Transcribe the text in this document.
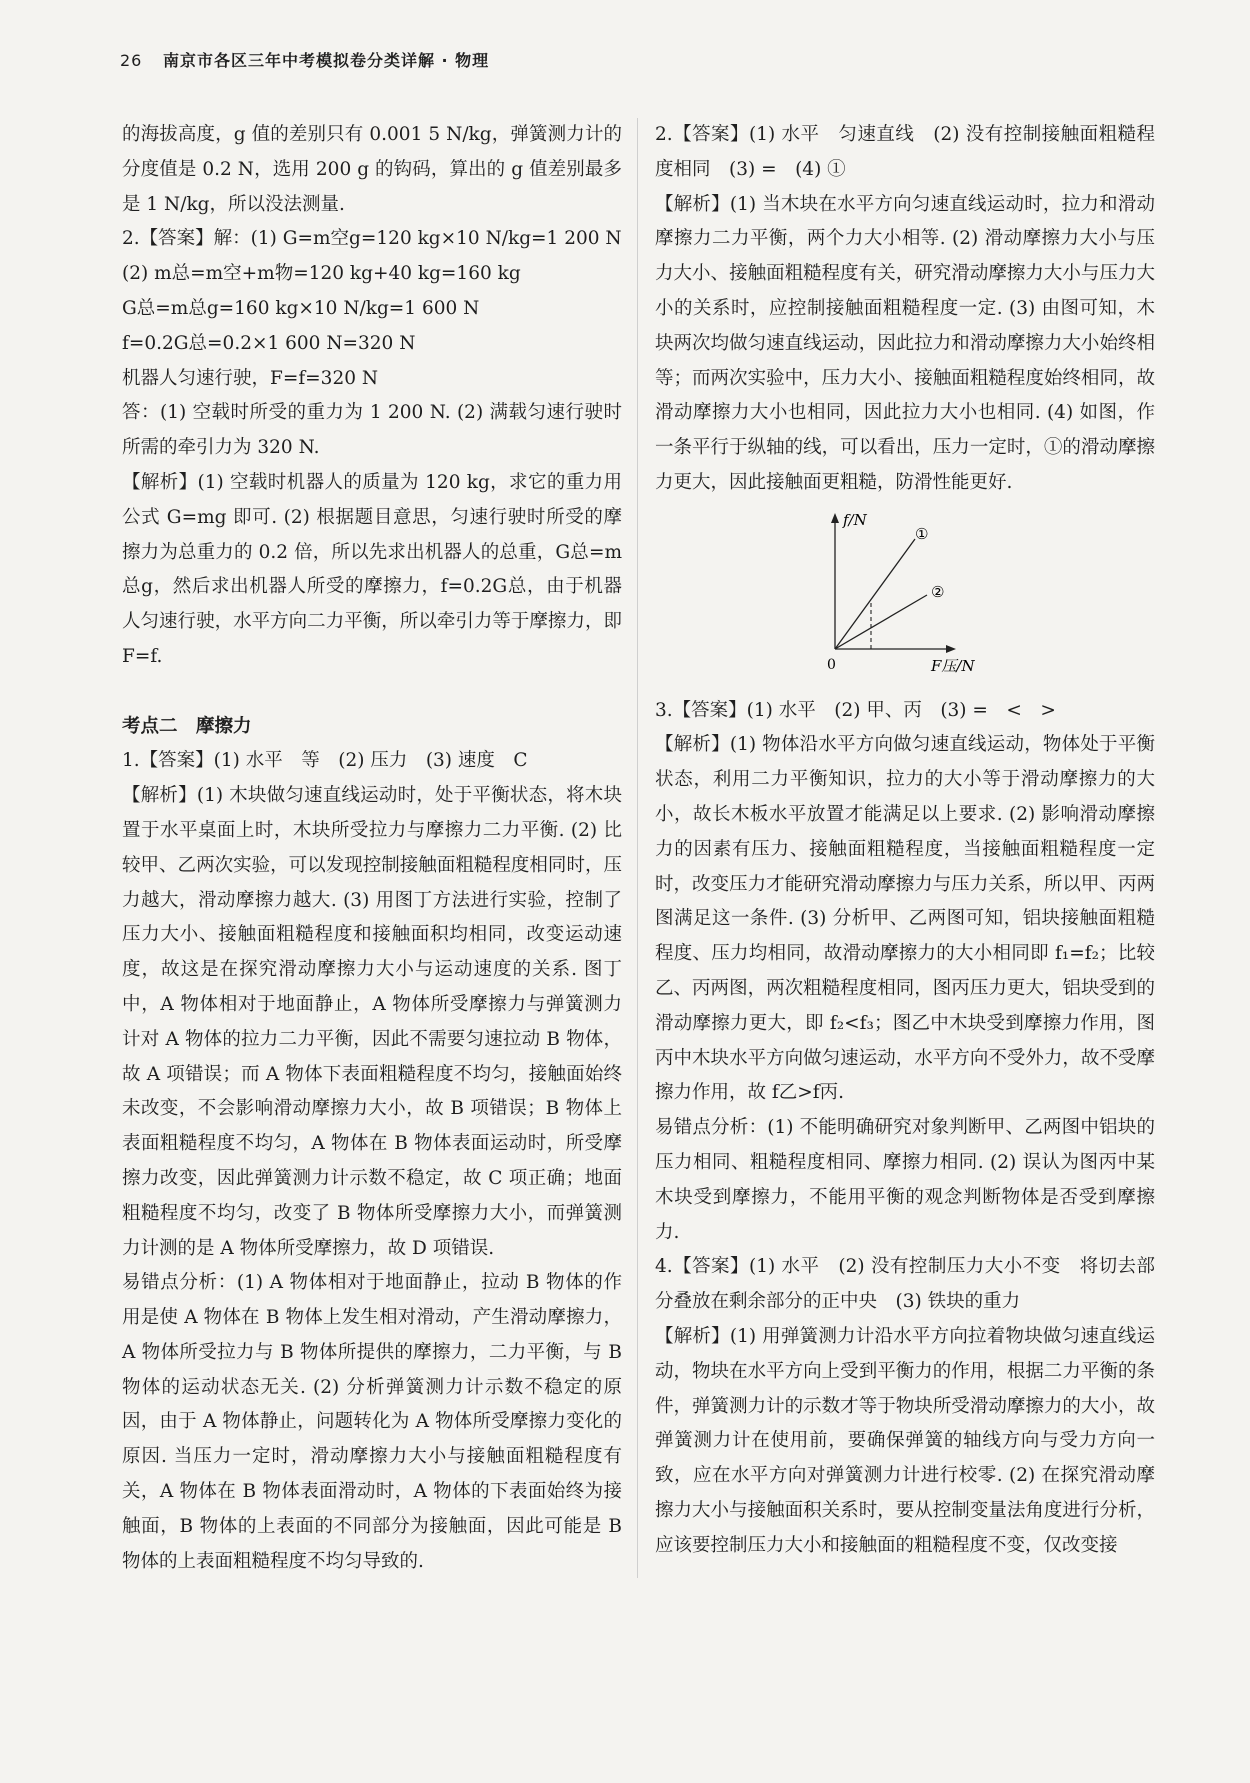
26 南京市各区三年中考模拟卷分类详解 · 物理

的海拔高度，g 值的差别只有 0.001 5 N/kg，弹簧测力计的分度值是 0.2 N，选用 200 g 的钩码，算出的 g 值差别最多是 1 N/kg，所以没法测量.

2.【答案】解：(1) G=m空g=120 kg×10 N/kg=1 200 N

(2) m总=m空+m物=120 kg+40 kg=160 kg

G总=m总g=160 kg×10 N/kg=1 600 N

f=0.2G总=0.2×1 600 N=320 N

机器人匀速行驶，F=f=320 N

答：(1) 空载时所受的重力为 1 200 N. (2) 满载匀速行驶时所需的牵引力为 320 N.

【解析】(1) 空载时机器人的质量为 120 kg，求它的重力用公式 G=mg 即可. (2) 根据题目意思，匀速行驶时所受的摩擦力为总重力的 0.2 倍，所以先求出机器人的总重，G总=m总g，然后求出机器人所受的摩擦力，f=0.2G总，由于机器人匀速行驶，水平方向二力平衡，所以牵引力等于摩擦力，即 F=f.

考点二　摩擦力

1.【答案】(1) 水平　等　(2) 压力　(3) 速度　C

【解析】(1) 木块做匀速直线运动时，处于平衡状态，将木块置于水平桌面上时，木块所受拉力与摩擦力二力平衡. (2) 比较甲、乙两次实验，可以发现控制接触面粗糙程度相同时，压力越大，滑动摩擦力越大. (3) 用图丁方法进行实验，控制了压力大小、接触面粗糙程度和接触面积均相同，改变运动速度，故这是在探究滑动摩擦力大小与运动速度的关系. 图丁中，A 物体相对于地面静止，A 物体所受摩擦力与弹簧测力计对 A 物体的拉力二力平衡，因此不需要匀速拉动 B 物体，故 A 项错误；而 A 物体下表面粗糙程度不均匀，接触面始终未改变，不会影响滑动摩擦力大小，故 B 项错误；B 物体上表面粗糙程度不均匀，A 物体在 B 物体表面运动时，所受摩擦力改变，因此弹簧测力计示数不稳定，故 C 项正确；地面粗糙程度不均匀，改变了 B 物体所受摩擦力大小，而弹簧测力计测的是 A 物体所受摩擦力，故 D 项错误.

易错点分析：(1) A 物体相对于地面静止，拉动 B 物体的作用是使 A 物体在 B 物体上发生相对滑动，产生滑动摩擦力，A 物体所受拉力与 B 物体所提供的摩擦力，二力平衡，与 B 物体的运动状态无关. (2) 分析弹簧测力计示数不稳定的原因，由于 A 物体静止，问题转化为 A 物体所受摩擦力变化的原因. 当压力一定时，滑动摩擦力大小与接触面粗糙程度有关，A 物体在 B 物体表面滑动时，A 物体的下表面始终为接触面，B 物体的上表面的不同部分为接触面，因此可能是 B 物体的上表面粗糙程度不均匀导致的.

2.【答案】(1) 水平　匀速直线　(2) 没有控制接触面粗糙程度相同　(3) =　(4) ①

【解析】(1) 当木块在水平方向匀速直线运动时，拉力和滑动摩擦力二力平衡，两个力大小相等. (2) 滑动摩擦力大小与压力大小、接触面粗糙程度有关，研究滑动摩擦力大小与压力大小的关系时，应控制接触面粗糙程度一定. (3) 由图可知，木块两次均做匀速直线运动，因此拉力和滑动摩擦力大小始终相等；而两次实验中，压力大小、接触面粗糙程度始终相同，故滑动摩擦力大小也相同，因此拉力大小也相同. (4) 如图，作一条平行于纵轴的线，可以看出，压力一定时，①的滑动摩擦力更大，因此接触面更粗糙，防滑性能更好.

f/N
①
②
0	F压/N

3.【答案】(1) 水平　(2) 甲、丙　(3) =　<　>

【解析】(1) 物体沿水平方向做匀速直线运动，物体处于平衡状态，利用二力平衡知识，拉力的大小等于滑动摩擦力的大小，故长木板水平放置才能满足以上要求. (2) 影响滑动摩擦力的因素有压力、接触面粗糙程度，当接触面粗糙程度一定时，改变压力才能研究滑动摩擦力与压力关系，所以甲、丙两图满足这一条件. (3) 分析甲、乙两图可知，铝块接触面粗糙程度、压力均相同，故滑动摩擦力的大小相同即 f₁=f₂；比较乙、丙两图，两次粗糙程度相同，图丙压力更大，铝块受到的滑动摩擦力更大，即 f₂<f₃；图乙中木块受到摩擦力作用，图丙中木块水平方向做匀速运动，水平方向不受外力，故不受摩擦力作用，故 f乙>f丙.

易错点分析：(1) 不能明确研究对象判断甲、乙两图中铝块的压力相同、粗糙程度相同、摩擦力相同. (2) 误认为图丙中某木块受到摩擦力，不能用平衡的观念判断物体是否受到摩擦力.

4.【答案】(1) 水平　(2) 没有控制压力大小不变　将切去部分叠放在剩余部分的正中央　(3) 铁块的重力

【解析】(1) 用弹簧测力计沿水平方向拉着物块做匀速直线运动，物块在水平方向上受到平衡力的作用，根据二力平衡的条件，弹簧测力计的示数才等于物块所受滑动摩擦力的大小，故弹簧测力计在使用前，要确保弹簧的轴线方向与受力方向一致，应在水平方向对弹簧测力计进行校零. (2) 在探究滑动摩擦力大小与接触面积关系时，要从控制变量法角度进行分析，应该要控制压力大小和接触面的粗糙程度不变，仅改变接
